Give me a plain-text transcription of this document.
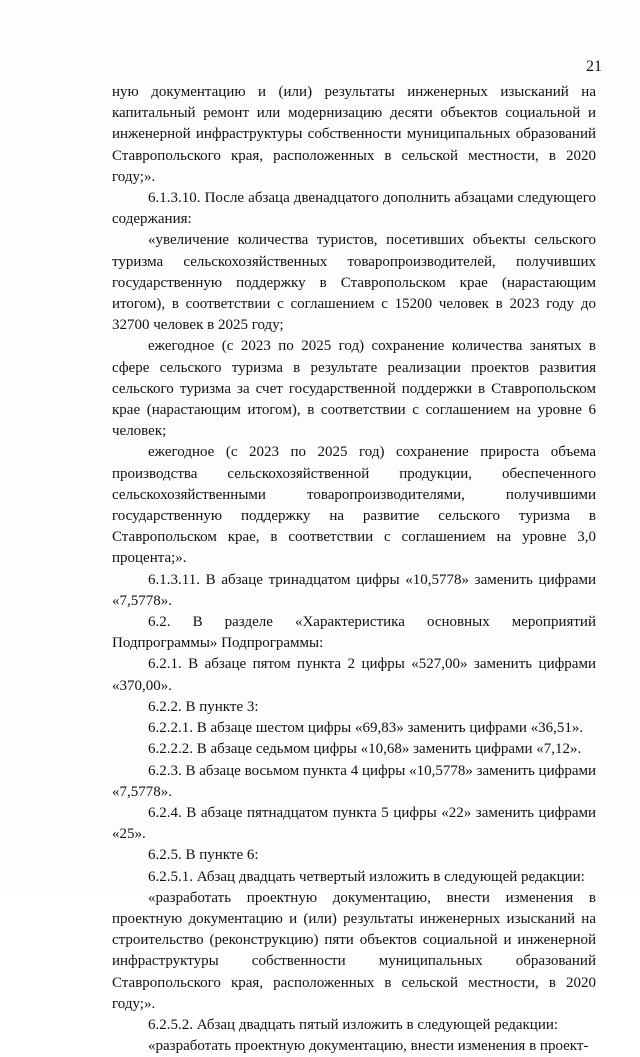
21

ную документацию и (или) результаты инженерных изысканий на капитальный ремонт или модернизацию десяти объектов социальной и инженерной инфраструктуры собственности муниципальных образований Ставропольского края, расположенных в сельской местности, в 2020 году;».

6.1.3.10. После абзаца двенадцатого дополнить абзацами следующего содержания:

«увеличение количества туристов, посетивших объекты сельского туризма сельскохозяйственных товаропроизводителей, получивших государственную поддержку в Ставропольском крае (нарастающим итогом), в соответствии с соглашением с 15200 человек в 2023 году до 32700 человек в 2025 году;

ежегодное (с 2023 по 2025 год) сохранение количества занятых в сфере сельского туризма в результате реализации проектов развития сельского туризма за счет государственной поддержки в Ставропольском крае (нарастающим итогом), в соответствии с соглашением на уровне 6 человек;

ежегодное (с 2023 по 2025 год) сохранение прироста объема производства сельскохозяйственной продукции, обеспеченного сельскохозяйственными товаропроизводителями, получившими государственную поддержку на развитие сельского туризма в Ставропольском крае, в соответствии с соглашением на уровне 3,0 процента;».

6.1.3.11. В абзаце тринадцатом цифры «10,5778» заменить цифрами «7,5778».

6.2. В разделе «Характеристика основных мероприятий Подпрограммы» Подпрограммы:

6.2.1. В абзаце пятом пункта 2 цифры «527,00» заменить цифрами «370,00».

6.2.2. В пункте 3:

6.2.2.1. В абзаце шестом цифры «69,83» заменить цифрами «36,51».

6.2.2.2. В абзаце седьмом цифры «10,68» заменить цифрами «7,12».

6.2.3. В абзаце восьмом пункта 4 цифры «10,5778» заменить цифрами «7,5778».

6.2.4. В абзаце пятнадцатом пункта 5 цифры «22» заменить цифрами «25».

6.2.5. В пункте 6:

6.2.5.1. Абзац двадцать четвертый изложить в следующей редакции:

«разработать проектную документацию, внести изменения в проектную документацию и (или) результаты инженерных изысканий на строительство (реконструкцию) пяти объектов социальной и инженерной инфраструктуры собственности муниципальных образований Ставропольского края, расположенных в сельской местности, в 2020 году;».

6.2.5.2. Абзац двадцать пятый изложить в следующей редакции:

«разработать проектную документацию, внести изменения в проект-
